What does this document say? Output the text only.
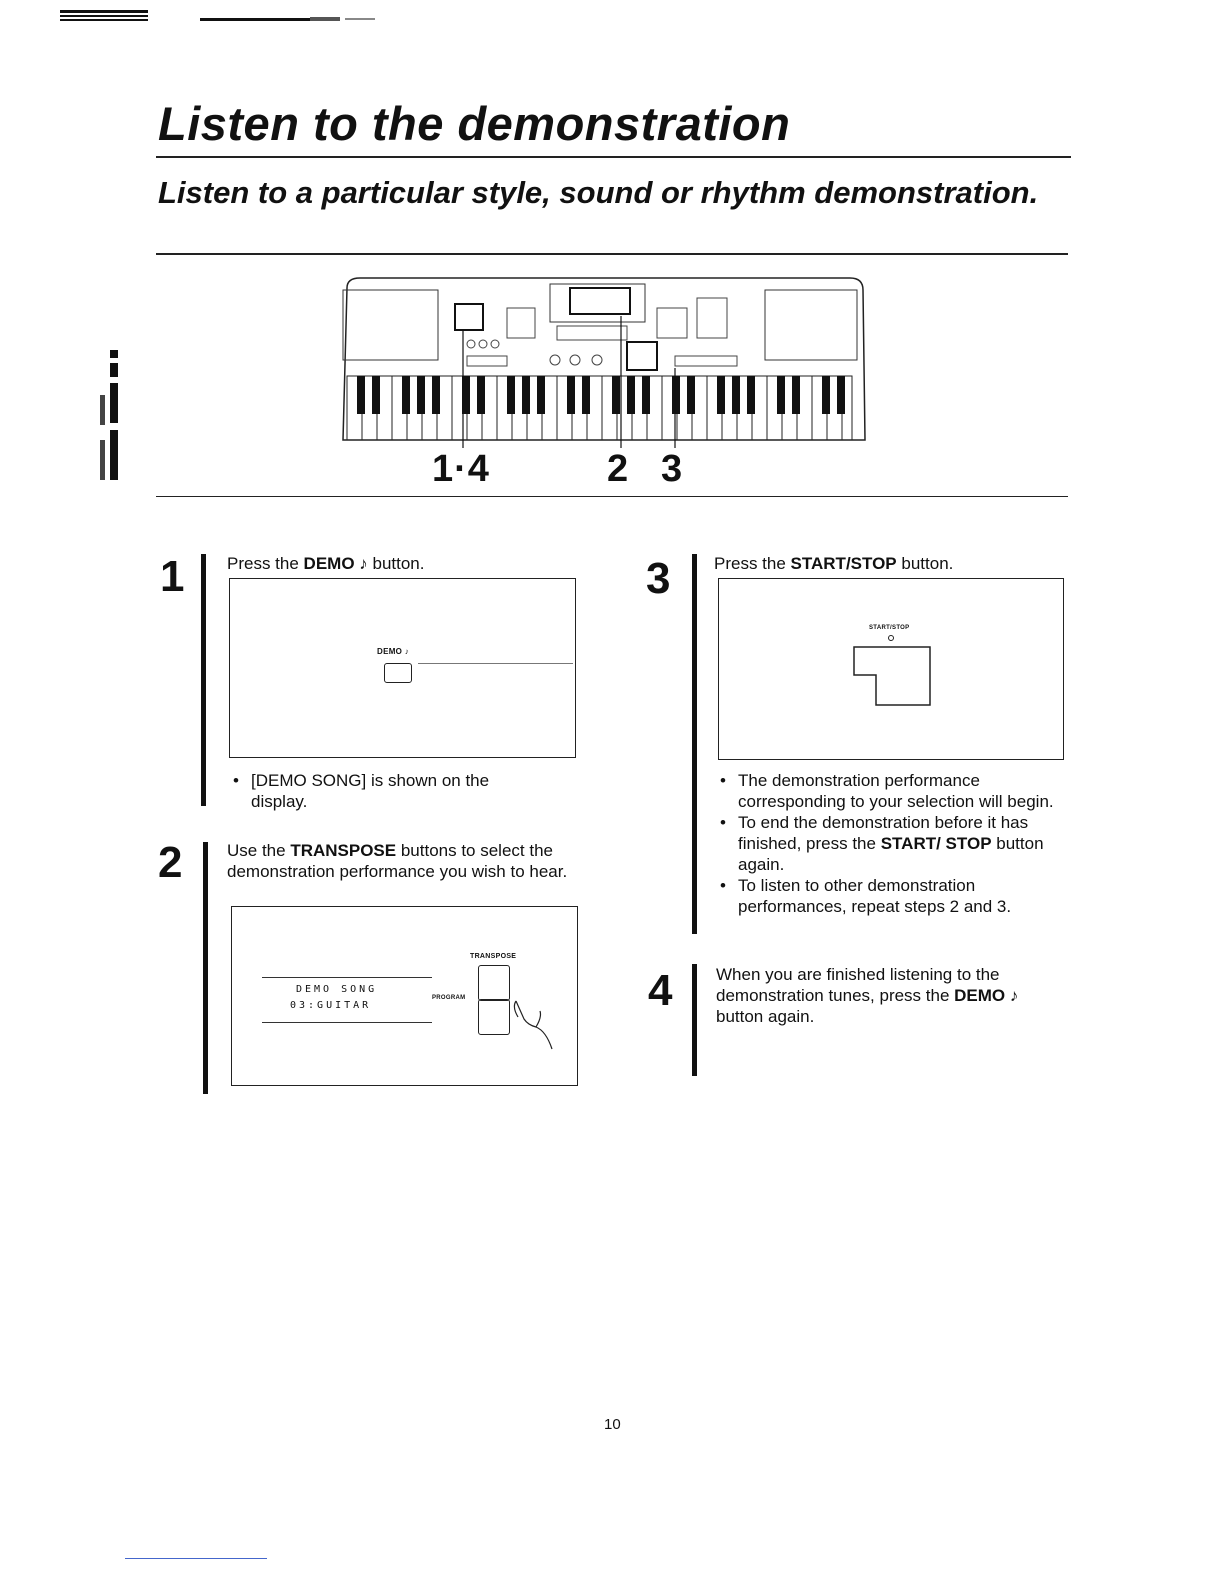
Listen to the demonstration
Listen to a particular style, sound or rhythm demonstration.
1·4	2 3
1	Press the DEMO ♪ button.
DEMO ♪
• [DEMO SONG] is shown on the display.
2	Use the TRANSPOSE buttons to select the demonstration performance you wish to hear.
DEMO SONG
03:GUITAR
TRANSPOSE
PROGRAM
3	Press the START/STOP button.
START/STOP
• The demonstration performance corresponding to your selection will begin.
• To end the demonstration before it has finished, press the START/ STOP button again.
• To listen to other demonstration performances, repeat steps 2 and 3.
4	When you are finished listening to the demonstration tunes, press the DEMO ♪ button again.
10
